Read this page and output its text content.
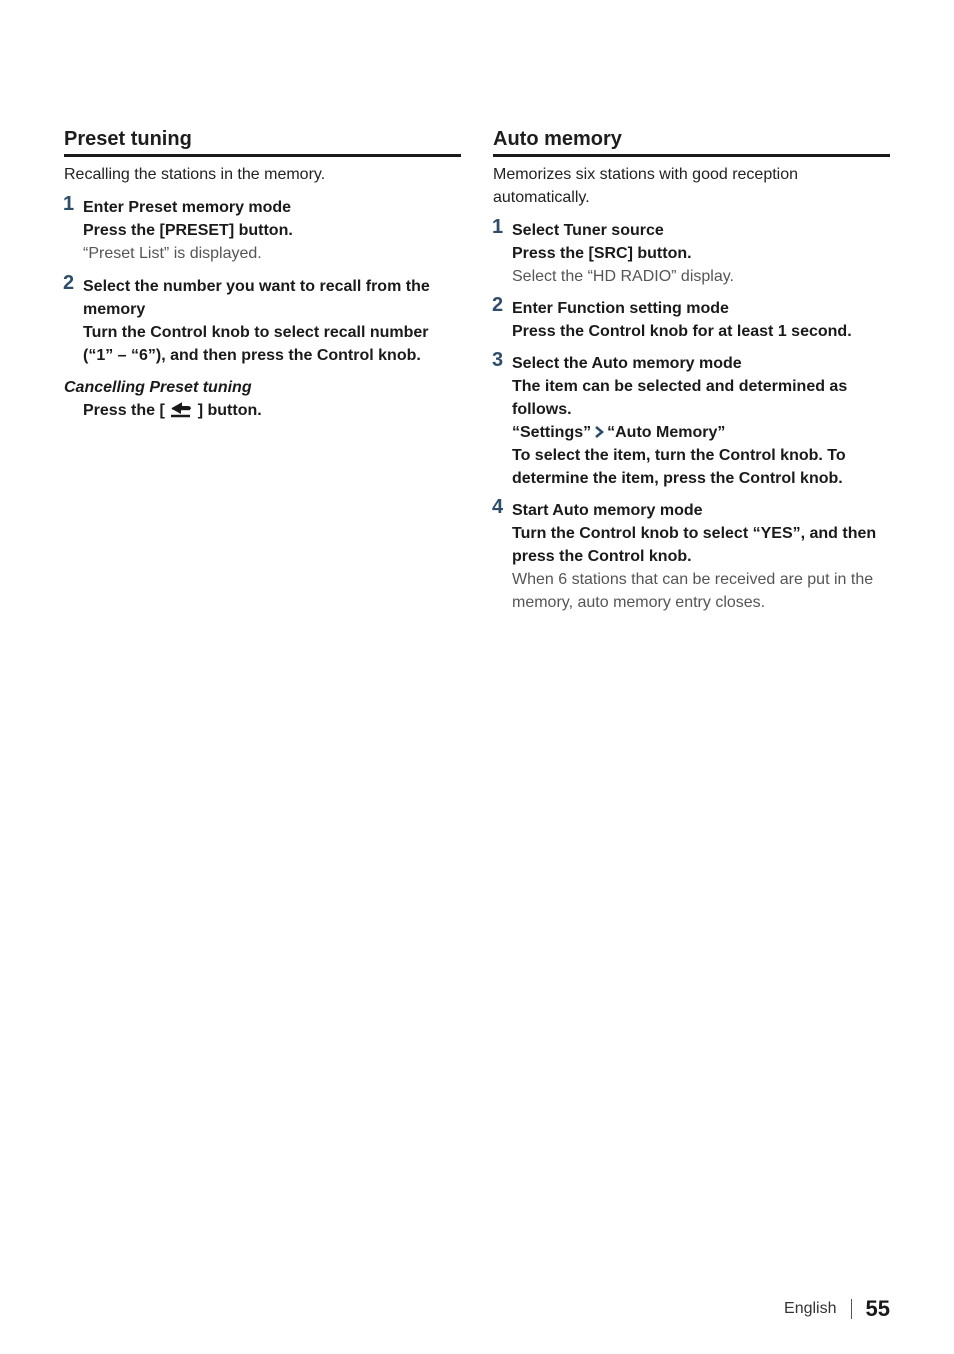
Preset tuning

Recalling the stations in the memory.

1 Enter Preset memory mode
Press the [PRESET] button.
“Preset List” is displayed.
2 Select the number you want to recall from the memory
Turn the Control knob to select recall number (“1” – “6”), and then press the Control knob.
Cancelling Preset tuning
Press the [ ] button.
Auto memory

Memorizes six stations with good reception automatically.

1 Select Tuner source
Press the [SRC] button.
Select the “HD RADIO” display.
2 Enter Function setting mode
Press the Control knob for at least 1 second.
3 Select the Auto memory mode
The item can be selected and determined as follows.
“Settings” “Auto Memory”
To select the item, turn the Control knob. To determine the item, press the Control knob.
4 Start Auto memory mode
Turn the Control knob to select “YES”, and then press the Control knob.
When 6 stations that can be received are put in the memory, auto memory entry closes.
English 55
